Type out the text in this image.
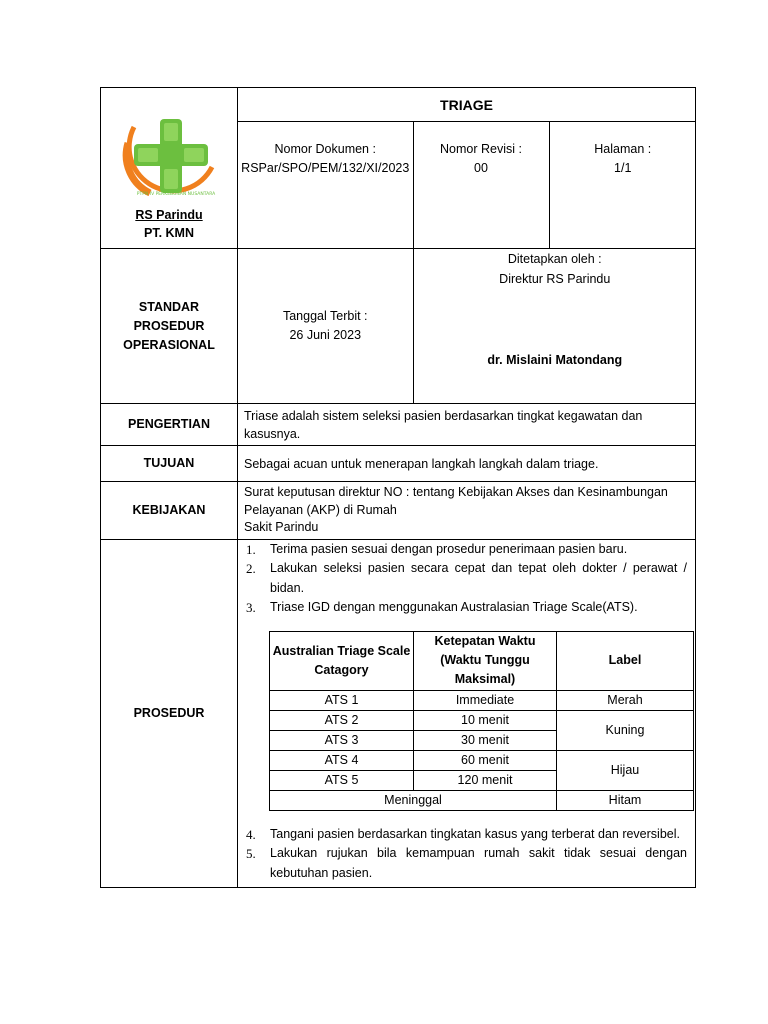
PTPN IV PERKEBUNAN NUSANTARA
RS Parindu
PT. KMN
	TRIAGE

Nomor Dokumen :
RSPar/SPO/PEM/132/XI/2023

Nomor Revisi :
00

Halaman :
1/1

STANDAR
PROSEDUR
OPERASIONAL

Tanggal Terbit :
26 Juni 2023

Ditetapkan oleh :
Direktur RS Parindu
dr. Mislaini Matondang

PENGERTIAN	Triase adalah sistem seleksi pasien berdasarkan tingkat kegawatan dan kasusnya.
TUJUAN	Sebagai acuan untuk menerapan langkah langkah dalam triage.
KEBIJAKAN	
Surat keputusan direktur NO : tentang Kebijakan Akses dan Kesinambungan Pelayanan (AKP) di Rumah
Sakit Parindu

PROSEDUR	
1. Terima pasien sesuai dengan prosedur penerimaan pasien baru.
2. Lakukan seleksi pasien secara cepat dan tepat oleh dokter / perawat / bidan.
3. Triase IGD dengan menggunakan Australasian Triage Scale(ATS).
Australian Triage Scale Catagory	Ketepatan Waktu (Waktu Tunggu Maksimal)	Label
ATS 1	Immediate	Merah
ATS 2	10 menit	Kuning
ATS 3	30 menit
ATS 4	60 menit	Hijau
ATS 5	120 menit
Meninggal	Hitam
4. Tangani pasien berdasarkan tingkatan kasus yang terberat dan reversibel.
5. Lakukan rujukan bila kemampuan rumah sakit tidak sesuai dengan kebutuhan pasien.
